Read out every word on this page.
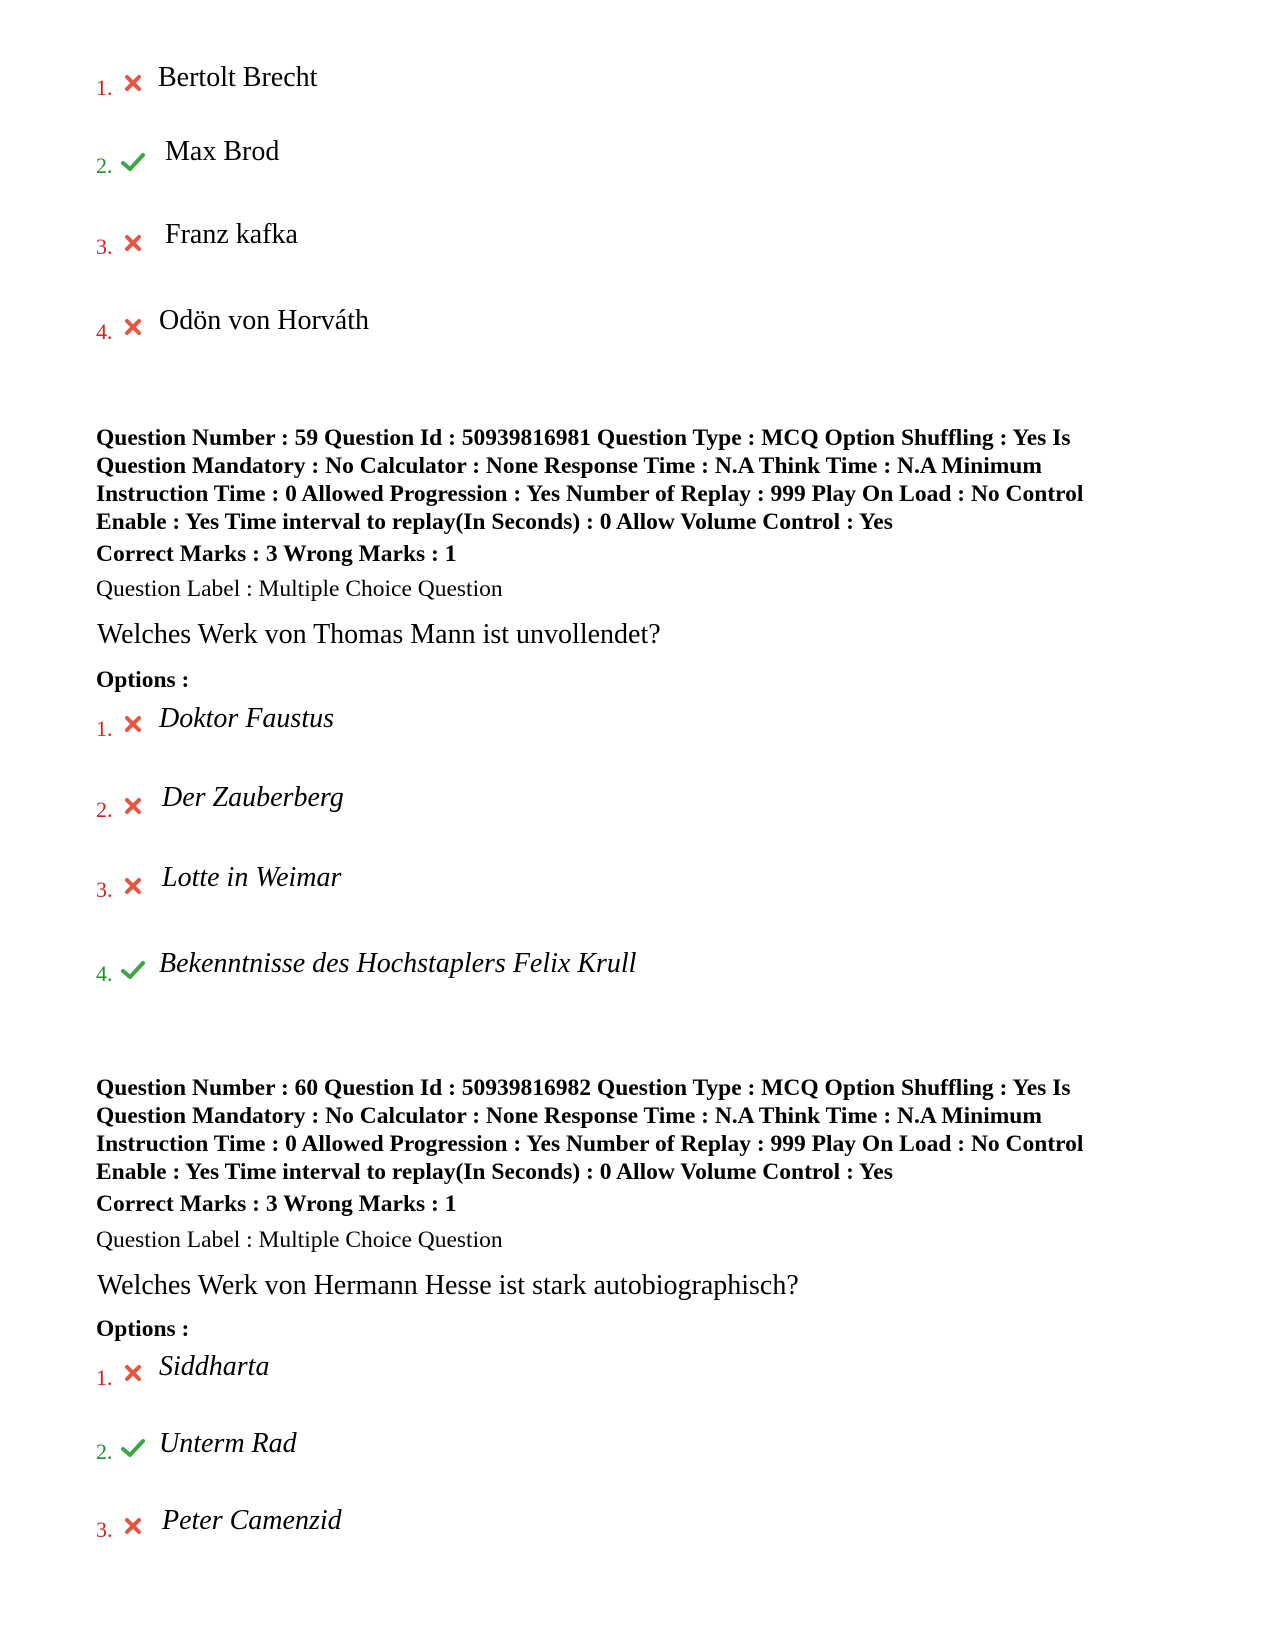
1. Bertolt Brecht
2. Max Brod
3. Franz kafka
4. Odön von Horváth
Question Number : 59 Question Id : 50939816981 Question Type : MCQ Option Shuffling : Yes Is
Question Mandatory : No Calculator : None Response Time : N.A Think Time : N.A Minimum
Instruction Time : 0 Allowed Progression : Yes Number of Replay : 999 Play On Load : No Control
Enable : Yes Time interval to replay(In Seconds) : 0 Allow Volume Control : Yes
Correct Marks : 3 Wrong Marks : 1
Question Label : Multiple Choice Question
Welches Werk von Thomas Mann ist unvollendet?
Options :
1. Doktor Faustus
2. Der Zauberberg
3. Lotte in Weimar
4. Bekenntnisse des Hochstaplers Felix Krull
Question Number : 60 Question Id : 50939816982 Question Type : MCQ Option Shuffling : Yes Is
Question Mandatory : No Calculator : None Response Time : N.A Think Time : N.A Minimum
Instruction Time : 0 Allowed Progression : Yes Number of Replay : 999 Play On Load : No Control
Enable : Yes Time interval to replay(In Seconds) : 0 Allow Volume Control : Yes
Correct Marks : 3 Wrong Marks : 1
Question Label : Multiple Choice Question
Welches Werk von Hermann Hesse ist stark autobiographisch?
Options :
1. Siddharta
2. Unterm Rad
3. Peter Camenzid
